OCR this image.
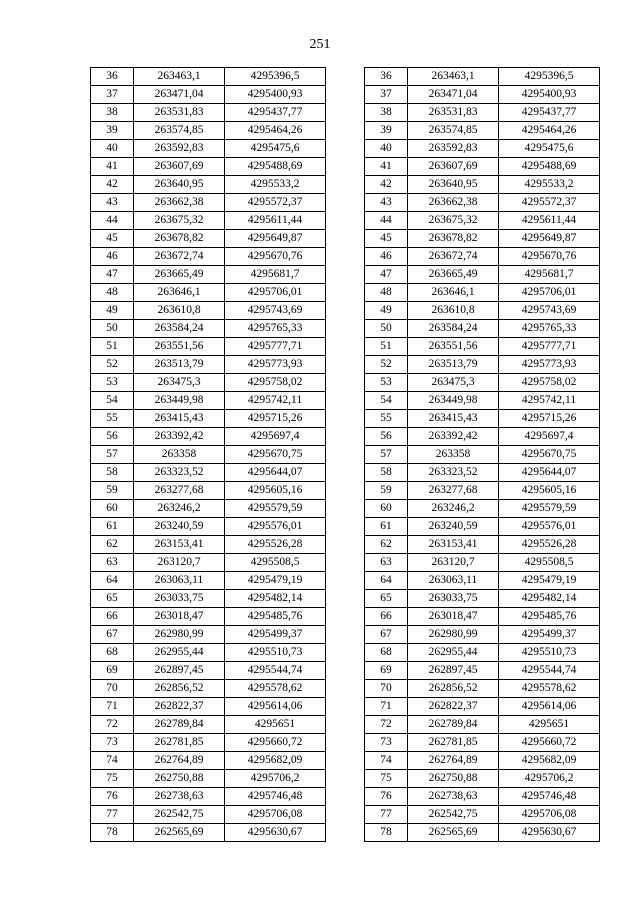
251
36	263463,1	4295396,5
37	263471,04	4295400,93
38	263531,83	4295437,77
39	263574,85	4295464,26
40	263592,83	4295475,6
41	263607,69	4295488,69
42	263640,95	4295533,2
43	263662,38	4295572,37
44	263675,32	4295611,44
45	263678,82	4295649,87
46	263672,74	4295670,76
47	263665,49	4295681,7
48	263646,1	4295706,01
49	263610,8	4295743,69
50	263584,24	4295765,33
51	263551,56	4295777,71
52	263513,79	4295773,93
53	263475,3	4295758,02
54	263449,98	4295742,11
55	263415,43	4295715,26
56	263392,42	4295697,4
57	263358	4295670,75
58	263323,52	4295644,07
59	263277,68	4295605,16
60	263246,2	4295579,59
61	263240,59	4295576,01
62	263153,41	4295526,28
63	263120,7	4295508,5
64	263063,11	4295479,19
65	263033,75	4295482,14
66	263018,47	4295485,76
67	262980,99	4295499,37
68	262955,44	4295510,73
69	262897,45	4295544,74
70	262856,52	4295578,62
71	262822,37	4295614,06
72	262789,84	4295651
73	262781,85	4295660,72
74	262764,89	4295682,09
75	262750,88	4295706,2
76	262738,63	4295746,48
77	262542,75	4295706,08
78	262565,69	4295630,67
36	263463,1	4295396,5
37	263471,04	4295400,93
38	263531,83	4295437,77
39	263574,85	4295464,26
40	263592,83	4295475,6
41	263607,69	4295488,69
42	263640,95	4295533,2
43	263662,38	4295572,37
44	263675,32	4295611,44
45	263678,82	4295649,87
46	263672,74	4295670,76
47	263665,49	4295681,7
48	263646,1	4295706,01
49	263610,8	4295743,69
50	263584,24	4295765,33
51	263551,56	4295777,71
52	263513,79	4295773,93
53	263475,3	4295758,02
54	263449,98	4295742,11
55	263415,43	4295715,26
56	263392,42	4295697,4
57	263358	4295670,75
58	263323,52	4295644,07
59	263277,68	4295605,16
60	263246,2	4295579,59
61	263240,59	4295576,01
62	263153,41	4295526,28
63	263120,7	4295508,5
64	263063,11	4295479,19
65	263033,75	4295482,14
66	263018,47	4295485,76
67	262980,99	4295499,37
68	262955,44	4295510,73
69	262897,45	4295544,74
70	262856,52	4295578,62
71	262822,37	4295614,06
72	262789,84	4295651
73	262781,85	4295660,72
74	262764,89	4295682,09
75	262750,88	4295706,2
76	262738,63	4295746,48
77	262542,75	4295706,08
78	262565,69	4295630,67
